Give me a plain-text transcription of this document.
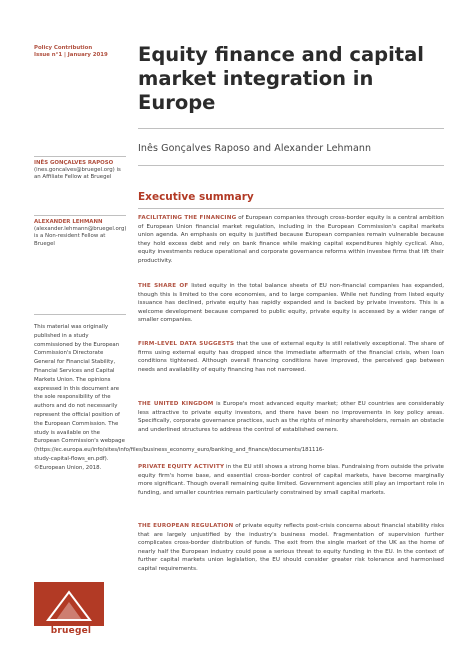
Policy Contribution
Issue n°1 | January 2019 Equity finance and capital market integration in Europe
Inês Gonçalves Raposo and Alexander Lehmann
INÊS GONÇALVES RAPOSO
(ines.goncalves@bruegel.org) is an Affiliate Fellow at Bruegel
ALEXANDER LEHMANN
(alexander.lehmann@bruegel.org) is a Non-resident Fellow at Bruegel
This material was originally published in a study commissioned by the European Commission's Directorate General for Financial Stability, Financial Services and Capital Markets Union. The opinions expressed in this document are the sole responsibility of the authors and do not necessarily represent the official position of the European Commission. The study is available on the European Commission's webpage (https://ec.europa.eu/info/sites/info/files/business_economy_euro/banking_and_finance/documents/181116-study-capital-flows_en.pdf). ©European Union, 2018.
bruegel
Executive summary
FACILITATING THE FINANCING of European companies through cross-border equity is a central ambition of European Union financial market regulation, including in the European Commission's capital markets union agenda. An emphasis on equity is justified because European companies remain vulnerable because they hold excess debt and rely on bank finance while making capital expenditures highly cyclical. Also, equity investments reduce operational and corporate governance reforms within investee firms that lift their productivity.
THE SHARE OF listed equity in the total balance sheets of EU non-financial companies has expanded, though this is limited to the core economies, and to large companies. While net funding from listed equity issuance has declined, private equity has rapidly expanded and is backed by private investors. This is a welcome development because compared to public equity, private equity is accessed by a wider range of smaller companies.
FIRM-LEVEL DATA SUGGESTS that the use of external equity is still relatively exceptional. The share of firms using external equity has dropped since the immediate aftermath of the financial crisis, when loan conditions tightened. Although overall financing conditions have improved, the perceived gap between needs and availability of equity financing has not narrowed.
THE UNITED KINGDOM is Europe's most advanced equity market; other EU countries are considerably less attractive to private equity investors, and there have been no improvements in key policy areas. Specifically, corporate governance practices, such as the rights of minority shareholders, remain an obstacle and underlined structures to address the control of established owners.
PRIVATE EQUITY ACTIVITY in the EU still shows a strong home bias. Fundraising from outside the private equity firm's home base, and essential cross-border control of capital markets, have become marginally more significant. Though overall remaining quite limited. Government agencies still play an important role in funding, and smaller countries remain particularly constrained by small capital markets.
THE EUROPEAN REGULATION of private equity reflects post-crisis concerns about financial stability risks that are largely unjustified by the industry's business model. Fragmentation of supervision further complicates cross-border distribution of funds. The exit from the single market of the UK as the home of nearly half the European industry could pose a serious threat to equity funding in the EU. In the context of further capital markets union legislation, the EU should consider greater risk tolerance and harmonised capital requirements.
